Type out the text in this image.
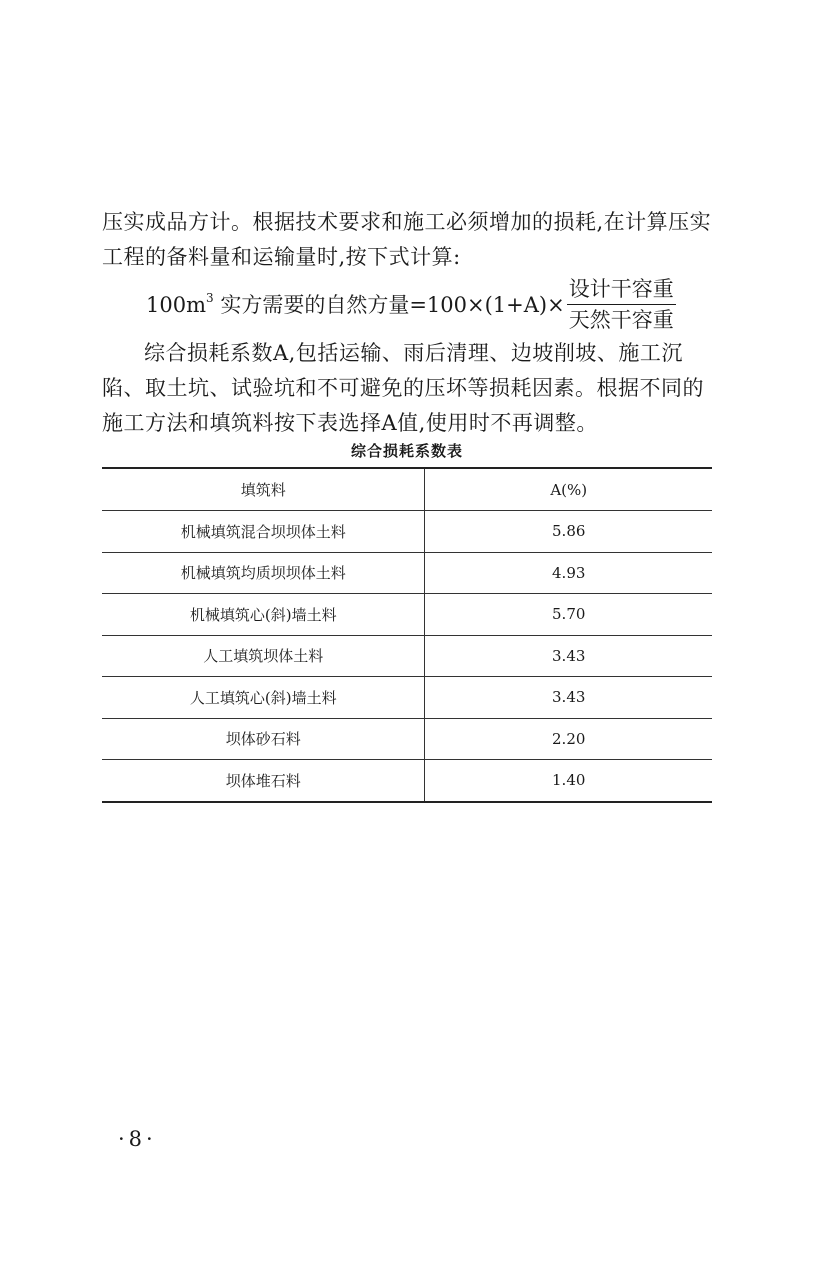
压实成品方计。根据技术要求和施工必须增加的损耗,在计算压实工程的备料量和运输量时,按下式计算:

$100m^3$ 实方需要的自然方量$=100\times(1+A)\times \frac{\text{设计干容重}}{\text{天然干容重}}$

综合损耗系数A,包括运输、雨后清理、边坡削坡、施工沉陷、取土坑、试验坑和不可避免的压坏等损耗因素。根据不同的施工方法和填筑料按下表选择A值,使用时不再调整。

综合损耗系数表
填筑料	A(%)
机械填筑混合坝坝体土料	5.86
机械填筑均质坝坝体土料	4.93
机械填筑心(斜)墙土料	5.70
人工填筑坝体土料	3.43
人工填筑心(斜)墙土料	3.43
坝体砂石料	2.20
坝体堆石料	1.40
·8·
